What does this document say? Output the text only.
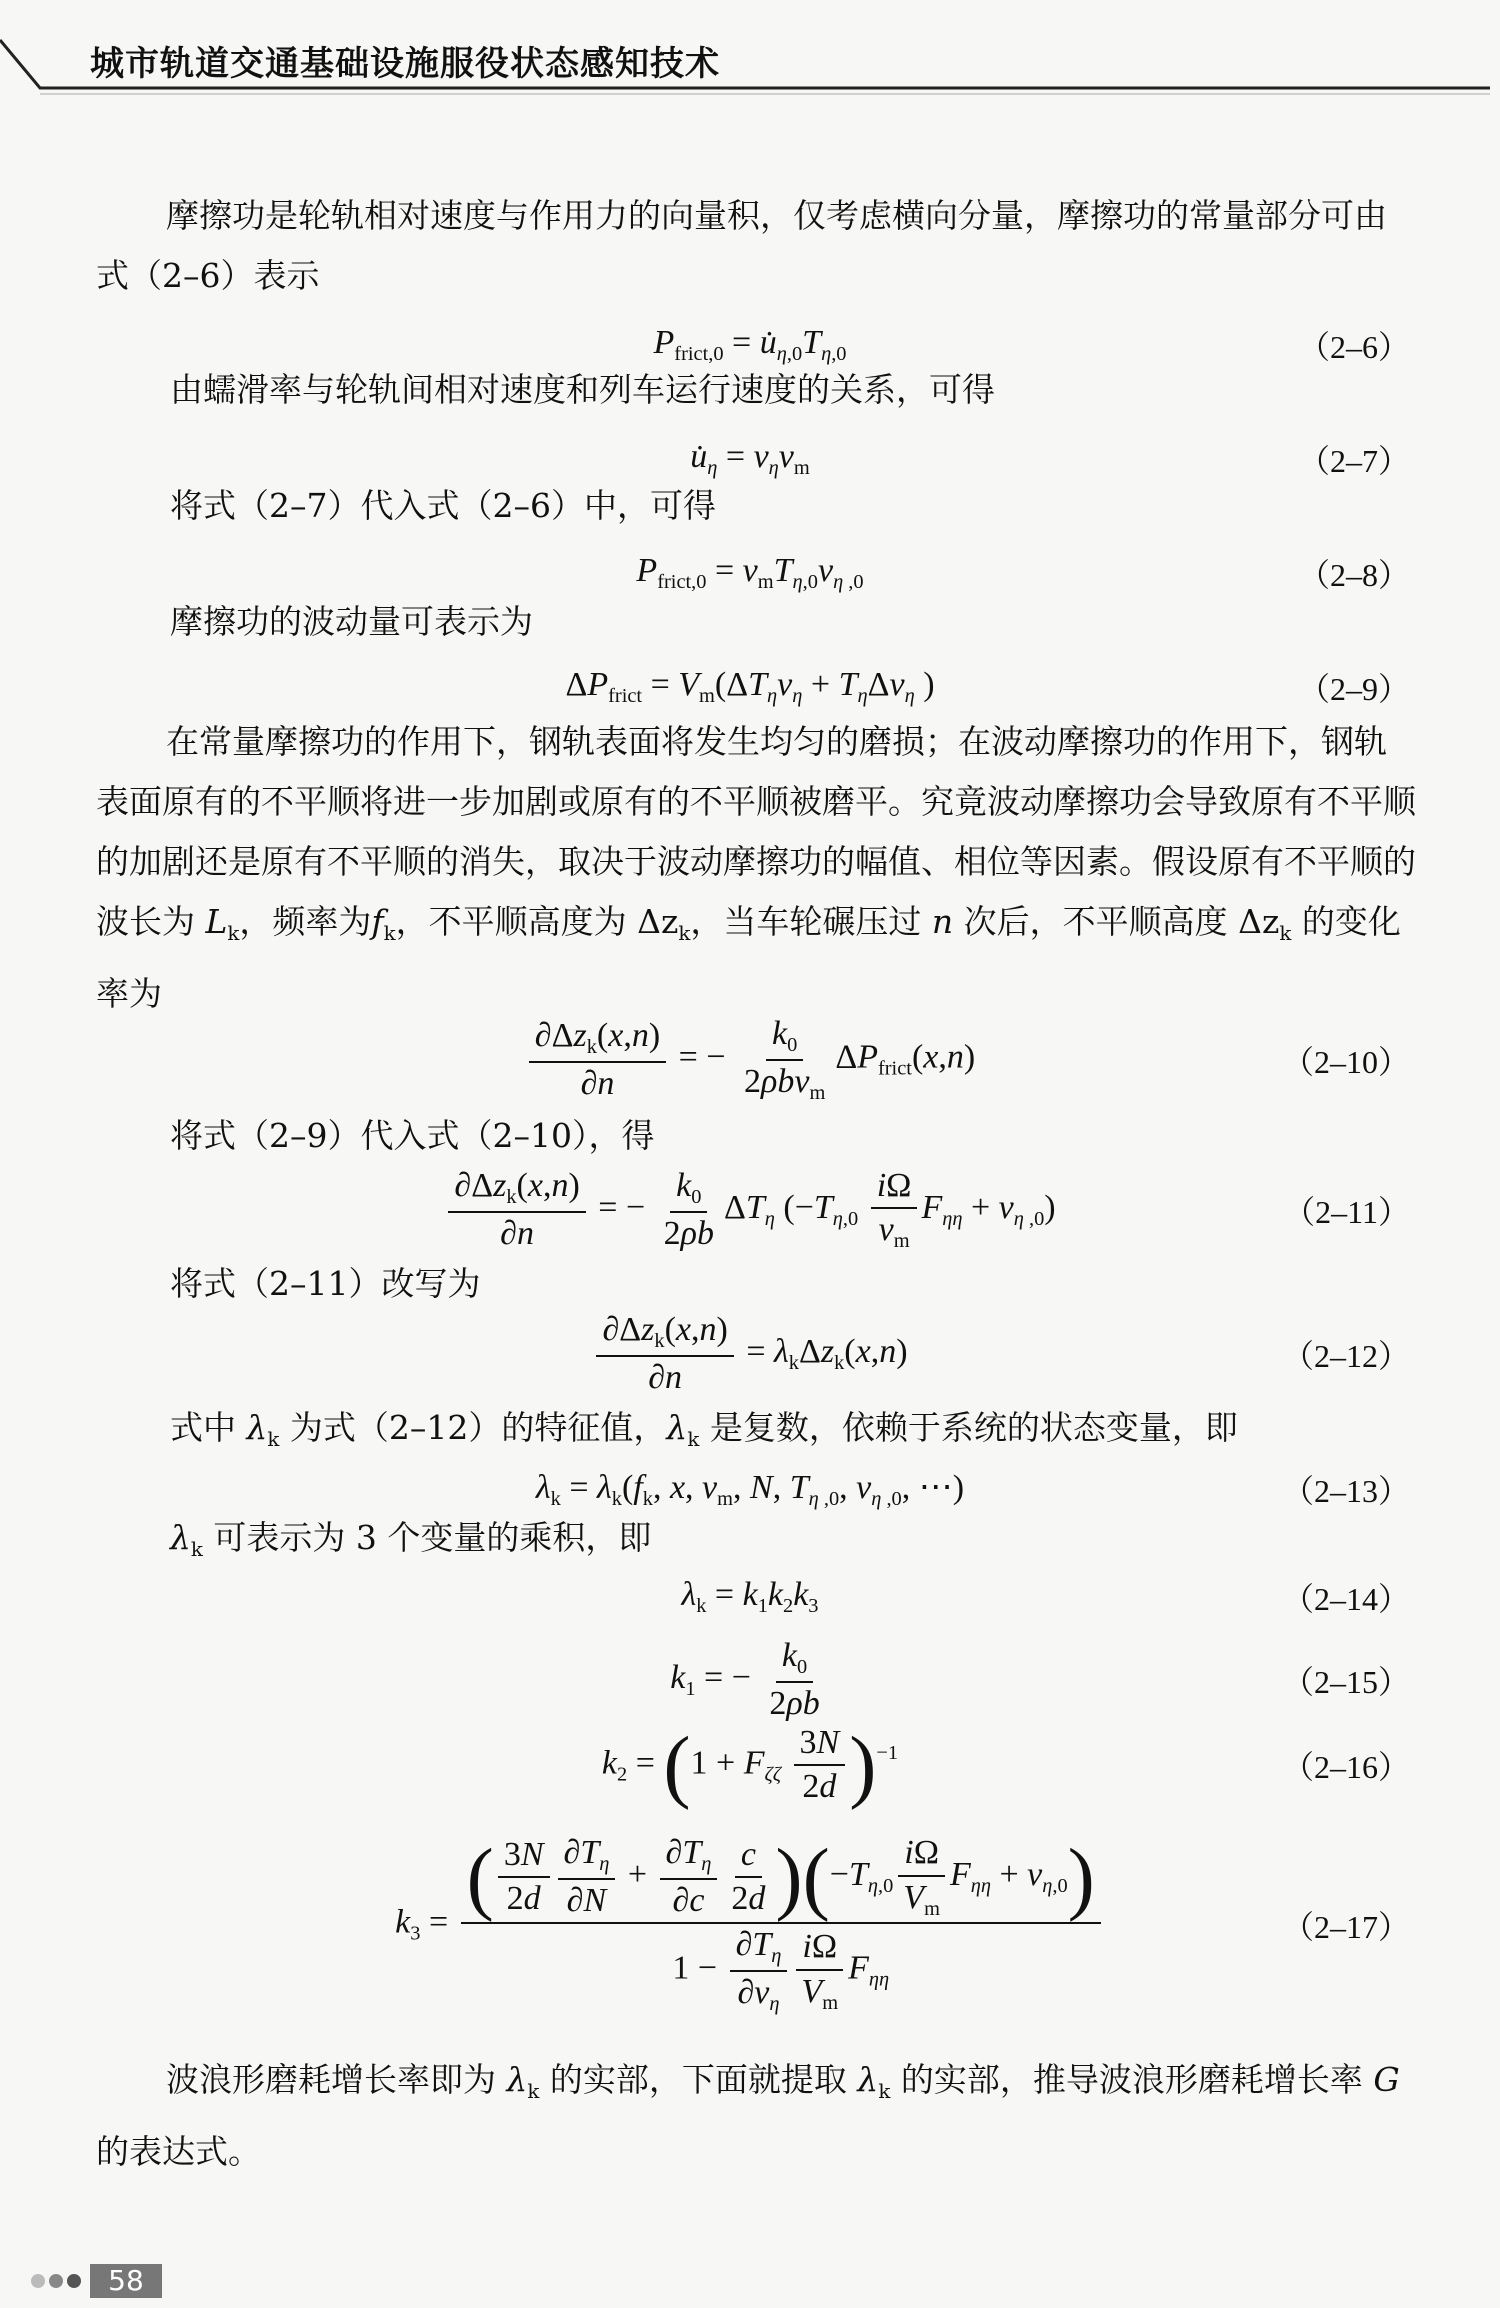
城市轨道交通基础设施服役状态感知技术

摩擦功是轮轨相对速度与作用力的向量积，仅考虑横向分量，摩擦功的常量部分可由式（2–6）表示

$P_{frict,0}$ = $u̇_{\eta,0}T_{\eta,0}$	（2–6）
由蠕滑率与轮轨间相对速度和列车运行速度的关系，可得
$u̇_\eta = v_\eta v_m$	（2–7）
将式（2–7）代入式（2–6）中，可得
$P_{frict,0} = v_mT_{\eta,0}v_{\eta ,0}$	（2–8）
摩擦功的波动量可表示为
$\Delta P_{frict} = V_m(\Delta T_\eta v_\eta + T_\eta\Delta v_\eta$ )	（2–9）

在常量摩擦功的作用下，钢轨表面将发生均匀的磨损；在波动摩擦功的作用下，钢轨表面原有的不平顺将进一步加剧或原有的不平顺被磨平。究竟波动摩擦功会导致原有不平顺的加剧还是原有不平顺的消失，取决于波动摩擦功的幅值、相位等因素。假设原有不平顺的波长为 $L_k$，频率为$f_k$，不平顺高度为 $\Delta z_k$，当车轮碾压过 n 次后，不平顺高度 $\Delta z_k$ 的变化率为

$\frac{\partial\Delta z_k(x,n)}{\partial n}$ = − $\frac{k_0}{2\rho bv_m} \Delta P_{frict}(x,n)$	（2–10）
将式（2–9）代入式（2–10），得
$\frac{\partial\Delta z_k(x,n)}{\partial n}$ = − $\frac{k_0}{2\rho b} \Delta T_\eta$ $(-T_{\eta,0} \frac{i\Omega}{v_m} F_{\eta\eta} + v_{\eta ,0})$	（2–11）
将式（2–11）改写为
$\frac{\partial\Delta z_k(x,n)}{\partial n} = \lambda_k\Delta z_k(x,n)$	（2–12）
式中 $\lambda_k$ 为式（2–12）的特征值，$\lambda_k$ 是复数，依赖于系统的状态变量，即
$\lambda_k = \lambda_k(f_k$, x, $v_m$, N, $T_{\eta ,0}$, $v_{\eta ,0}$, ⋯)	（2–13）
$\lambda_k$ 可表示为 3 个变量的乘积，即
$\lambda_k = k_1k_2k_3$	（2–14）
$k_1$ = − $\frac{k_0}{2\rho b}$	（2–15）
$k_2 = (1 + F_{\zeta\zeta} \frac{3N}{2d} )^{-1}$	（2–16）
$k_3 = \frac{( \frac{3N}{2d} \frac{\partial T_\eta}{\partial N} + \frac{\partial T_\eta}{\partial c} \frac{c}{2d} )(-T_{\eta,0} \frac{i\Omega}{V_m} F_{\eta\eta} + v_{\eta,0})}{1 - \frac{\partial T_\eta}{\partial v_\eta} \frac{i\Omega}{V_m} F_{\eta\eta}}$	（2–17）

波浪形磨耗增长率即为 $\lambda_k$ 的实部，下面就提取 $\lambda_k$ 的实部，推导波浪形磨耗增长率 G 的表达式。

58
